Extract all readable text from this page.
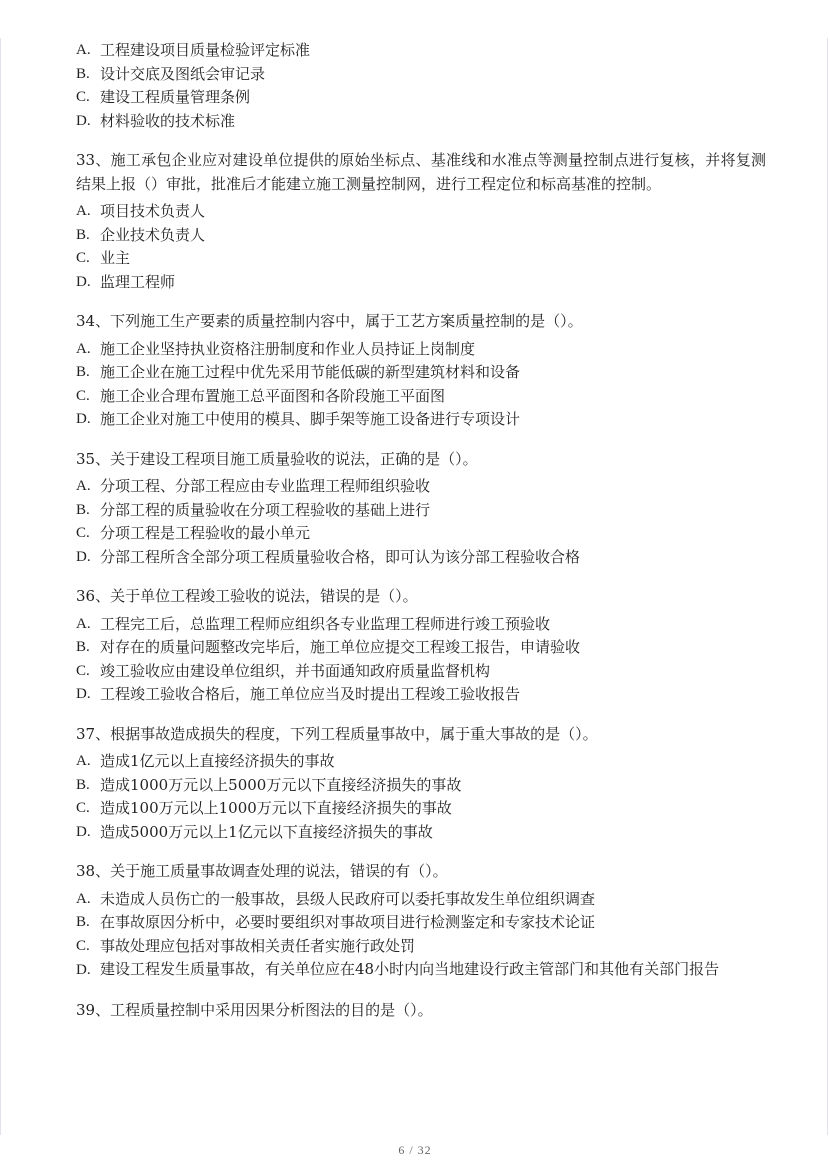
A. 工程建设项目质量检验评定标准
B. 设计交底及图纸会审记录
C. 建设工程质量管理条例
D. 材料验收的技术标准
33、施工承包企业应对建设单位提供的原始坐标点、基准线和水准点等测量控制点进行复核，并将复测结果上报（）审批，批准后才能建立施工测量控制网，进行工程定位和标高基准的控制。
A. 项目技术负责人
B. 企业技术负责人
C. 业主
D. 监理工程师
34、下列施工生产要素的质量控制内容中，属于工艺方案质量控制的是（）。
A. 施工企业坚持执业资格注册制度和作业人员持证上岗制度
B. 施工企业在施工过程中优先采用节能低碳的新型建筑材料和设备
C. 施工企业合理布置施工总平面图和各阶段施工平面图
D. 施工企业对施工中使用的模具、脚手架等施工设备进行专项设计
35、关于建设工程项目施工质量验收的说法，正确的是（）。
A. 分项工程、分部工程应由专业监理工程师组织验收
B. 分部工程的质量验收在分项工程验收的基础上进行
C. 分项工程是工程验收的最小单元
D. 分部工程所含全部分项工程质量验收合格，即可认为该分部工程验收合格
36、关于单位工程竣工验收的说法，错误的是（）。
A. 工程完工后，总监理工程师应组织各专业监理工程师进行竣工预验收
B. 对存在的质量问题整改完毕后，施工单位应提交工程竣工报告，申请验收
C. 竣工验收应由建设单位组织，并书面通知政府质量监督机构
D. 工程竣工验收合格后，施工单位应当及时提出工程竣工验收报告
37、根据事故造成损失的程度，下列工程质量事故中，属于重大事故的是（）。
A. 造成1亿元以上直接经济损失的事故
B. 造成1000万元以上5000万元以下直接经济损失的事故
C. 造成100万元以上1000万元以下直接经济损失的事故
D. 造成5000万元以上1亿元以下直接经济损失的事故
38、关于施工质量事故调查处理的说法，错误的有（）。
A. 未造成人员伤亡的一般事故，县级人民政府可以委托事故发生单位组织调查
B. 在事故原因分析中，必要时要组织对事故项目进行检测鉴定和专家技术论证
C. 事故处理应包括对事故相关责任者实施行政处罚
D. 建设工程发生质量事故，有关单位应在48小时内向当地建设行政主管部门和其他有关部门报告
39、工程质量控制中采用因果分析图法的目的是（）。
6 / 32
